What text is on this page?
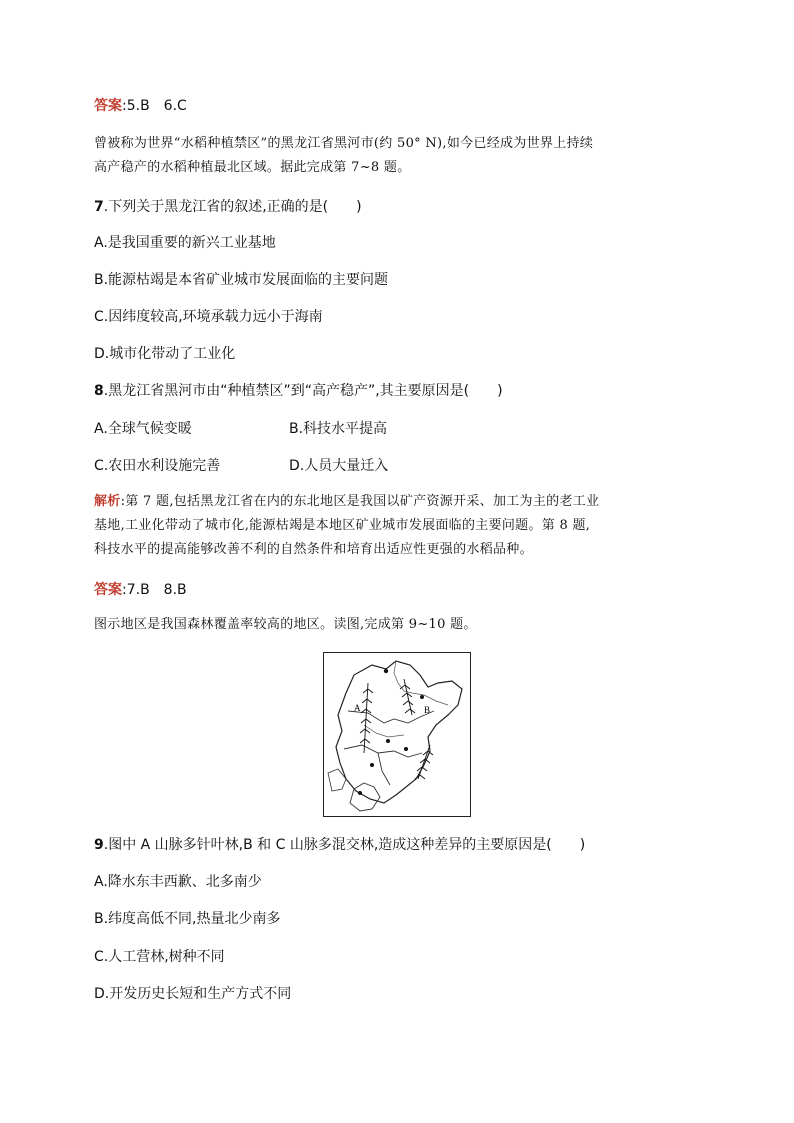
答案:5.B　6.C
曾被称为世界“水稻种植禁区”的黑龙江省黑河市(约 50° N),如今已经成为世界上持续
高产稳产的水稻种植最北区域。据此完成第 7~8 题。
7.下列关于黑龙江省的叙述,正确的是(　　)
A.是我国重要的新兴工业基地
B.能源枯竭是本省矿业城市发展面临的主要问题
C.因纬度较高,环境承载力远小于海南
D.城市化带动了工业化
8.黑龙江省黑河市由“种植禁区”到“高产稳产”,其主要原因是(　　)
A.全球气候变暖	B.科技水平提高
C.农田水利设施完善	D.人员大量迁入
解析:第 7 题,包括黑龙江省在内的东北地区是我国以矿产资源开采、加工为主的老工业
基地,工业化带动了城市化,能源枯竭是本地区矿业城市发展面临的主要问题。第 8 题,
科技水平的提高能够改善不利的自然条件和培育出适应性更强的水稻品种。
答案:7.B　8.B
图示地区是我国森林覆盖率较高的地区。读图,完成第 9~10 题。
A	B
9.图中 A 山脉多针叶林,B 和 C 山脉多混交林,造成这种差异的主要原因是(　　)
A.降水东丰西歉、北多南少
B.纬度高低不同,热量北少南多
C.人工营林,树种不同
D.开发历史长短和生产方式不同
